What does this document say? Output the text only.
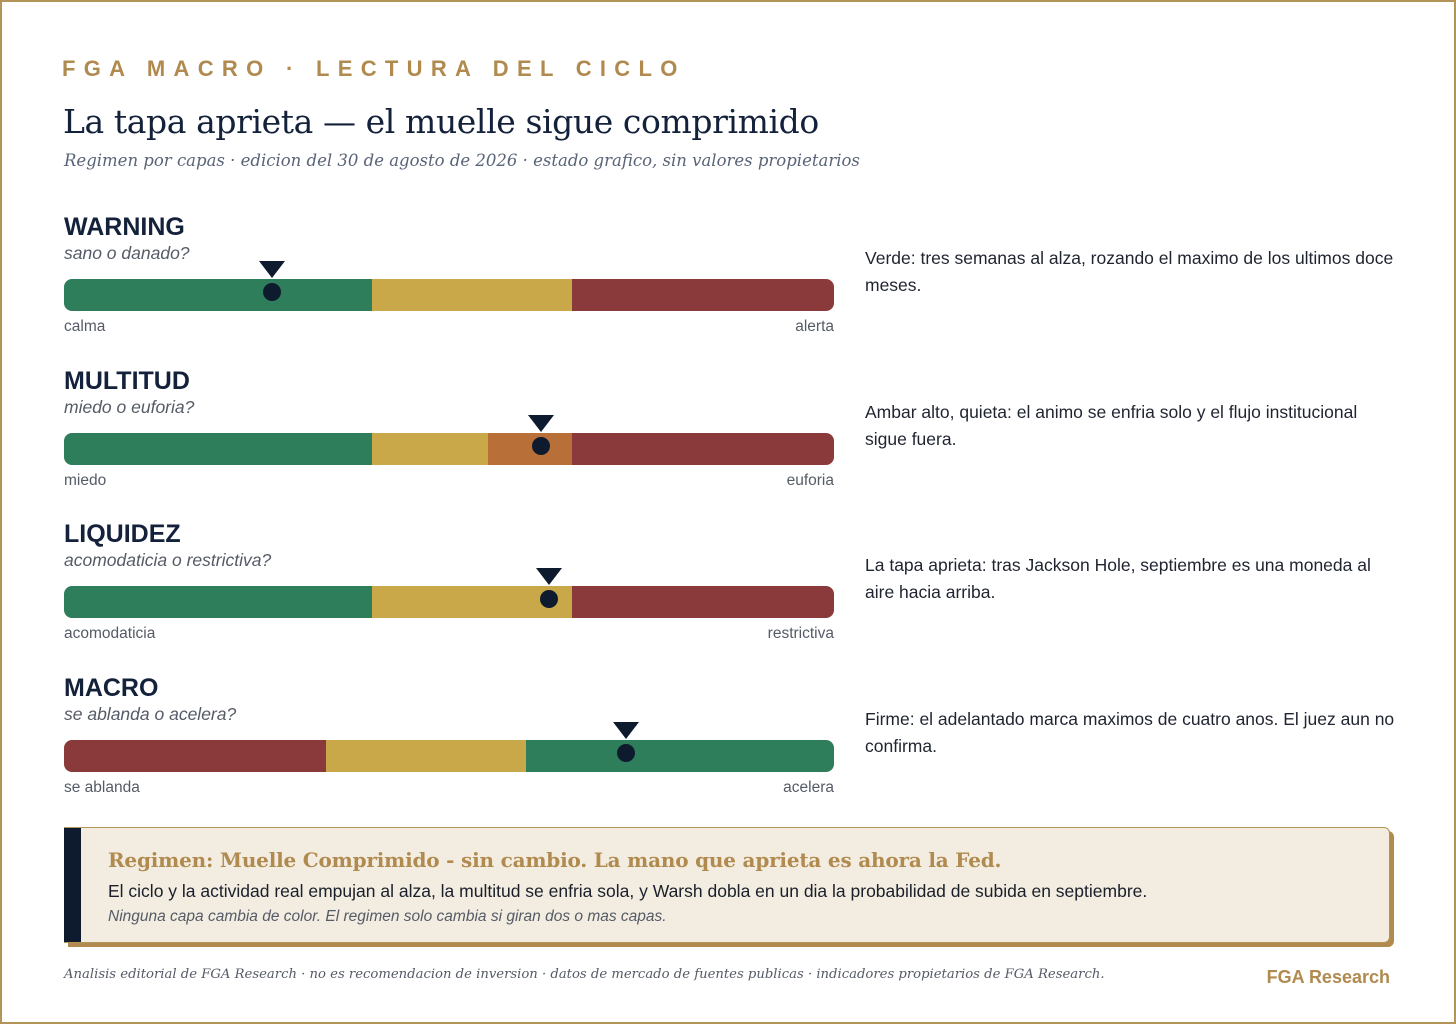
FGA MACRO · LECTURA DEL CICLO
La tapa aprieta — el muelle sigue comprimido
Regimen por capas · edicion del 30 de agosto de 2026 · estado grafico, sin valores propietarios
WARNING
sano o danado?
calma	alerta
Verde: tres semanas al alza, rozando el maximo de los ultimos doce meses.
MULTITUD
miedo o euforia?
miedo	euforia
Ambar alto, quieta: el animo se enfria solo y el flujo institucional sigue fuera.
LIQUIDEZ
acomodaticia o restrictiva?
acomodaticia	restrictiva
La tapa aprieta: tras Jackson Hole, septiembre es una moneda al aire hacia arriba.
MACRO
se ablanda o acelera?
se ablanda	acelera
Firme: el adelantado marca maximos de cuatro anos. El juez aun no confirma.
Regimen: Muelle Comprimido - sin cambio. La mano que aprieta es ahora la Fed.
El ciclo y la actividad real empujan al alza, la multitud se enfria sola, y Warsh dobla en un dia la probabilidad de subida en septiembre.
Ninguna capa cambia de color. El regimen solo cambia si giran dos o mas capas.
Analisis editorial de FGA Research · no es recomendacion de inversion · datos de mercado de fuentes publicas · indicadores propietarios de FGA Research.	FGA Research
